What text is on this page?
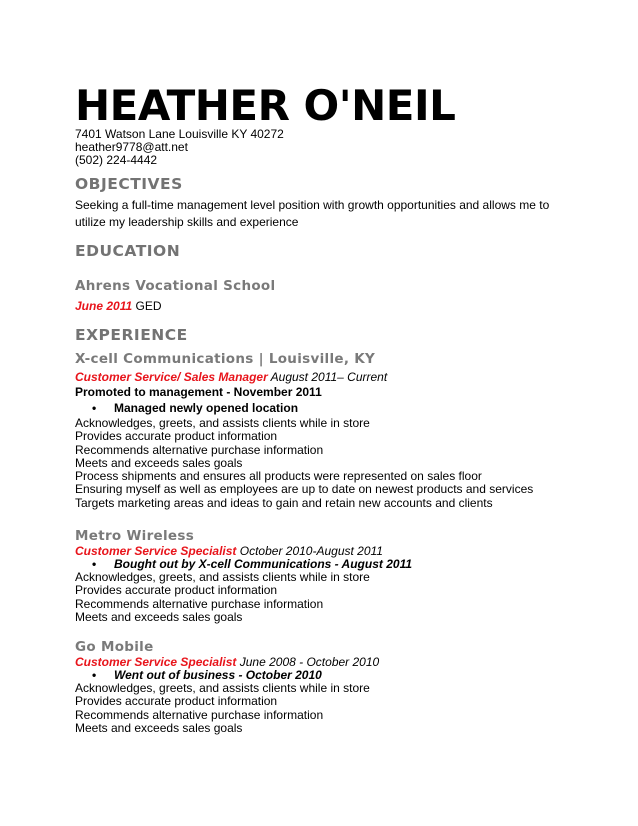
HEATHER O'NEIL
7401 Watson Lane Louisville KY 40272
heather9778@att.net
(502) 224-4442
OBJECTIVES
Seeking a full-time management level position with growth opportunities and allows me to utilize my leadership skills and experience
EDUCATION
Ahrens Vocational School
June 2011 GED
EXPERIENCE
X-cell Communications | Louisville, KY
Customer Service/ Sales Manager August 2011– Current
Promoted to management - November 2011
• Managed newly opened location
Acknowledges, greets, and assists clients while in store
Provides accurate product information
Recommends alternative purchase information
Meets and exceeds sales goals
Process shipments and ensures all products were represented on sales floor
Ensuring myself as well as employees are up to date on newest products and services
Targets marketing areas and ideas to gain and retain new accounts and clients
Metro Wireless
Customer Service Specialist October 2010-August 2011
• Bought out by X-cell Communications - August 2011
Acknowledges, greets, and assists clients while in store
Provides accurate product information
Recommends alternative purchase information
Meets and exceeds sales goals
Go Mobile
Customer Service Specialist June 2008 - October 2010
• Went out of business - October 2010
Acknowledges, greets, and assists clients while in store
Provides accurate product information
Recommends alternative purchase information
Meets and exceeds sales goals
